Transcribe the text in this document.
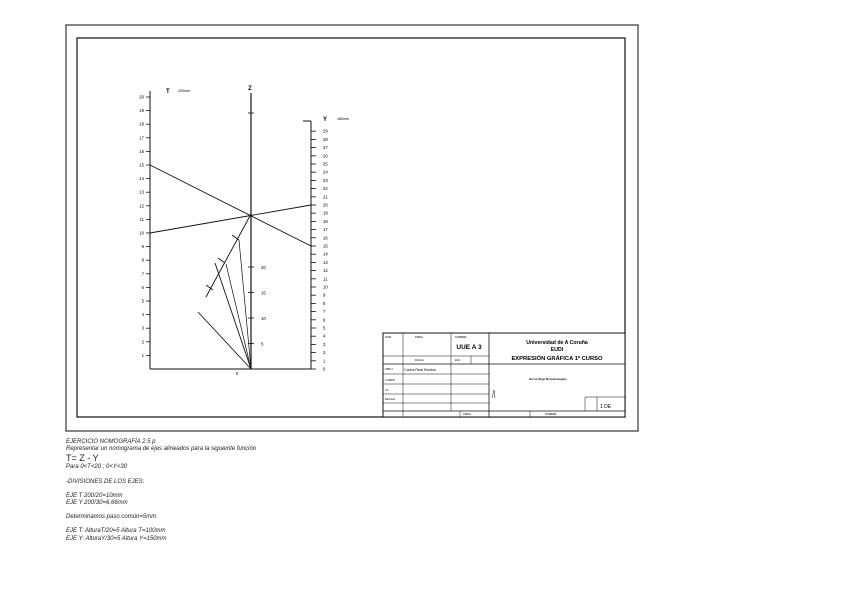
1
2
3
4
5
6
7
8
9
10
11
12
13
14
15
16
17
18
19
20
T 200mm
0
5
10
15
20
Z
0
1
2
3
4
5
6
7
8
9
10
11
12
13
14
15
16
17
18
19
20
21
22
23
24
25
26
27
28
29
Y	180mm
NOM.	FIRMA	NOMBRE
FECHA	ESC.
DIBUJ.
COMPR.
I.D.
ESCALA
FIRMA	NOMBRE
UUE A 3
Universidad de A Coruña
EUDI
EXPRESIÓN GRÁFICA 1º CURSO
Carlos Real Sendón
Ercsc Nsgr Nomonologsis
1 DE
EJERCICIO NOMOGRAFÍA 2.5 p
Representar un nomograma de ejes alineados para la siguiente función
T= Z - Y
Para 0<T<20 ; 0<Y<30
-DIVISIONES DE LOS EJES:
EJE T 200/20=10mm
EJE Y 200/30=6,66mm
Determinamos paso común=5mm
EJE T: AlturaT/20=5 Altura T=100mm
EJE Y: AlturaY/30=5 Altura Y=150mm
